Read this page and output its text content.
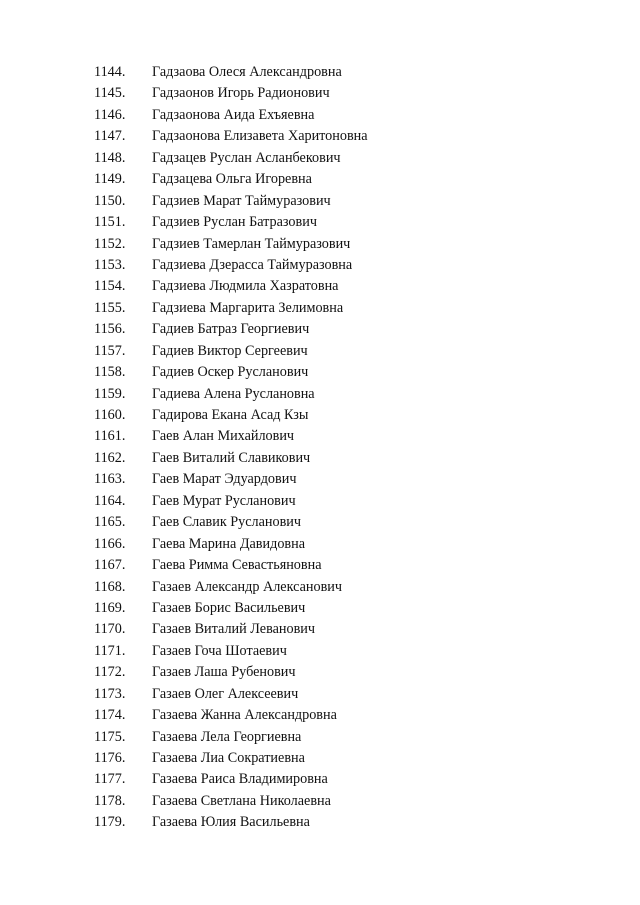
1144. Гадзаова Олеся Александровна
1145. Гадзаонов Игорь Радионович
1146. Гадзаонова Аида Ехъяевна
1147. Гадзаонова Елизавета Харитоновна
1148. Гадзацев Руслан Асланбекович
1149. Гадзацева Ольга Игоревна
1150. Гадзиев Марат Таймуразович
1151. Гадзиев Руслан Батразович
1152. Гадзиев Тамерлан Таймуразович
1153. Гадзиева Дзерасса Таймуразовна
1154. Гадзиева Людмила Хазратовна
1155. Гадзиева Маргарита Зелимовна
1156. Гадиев Батраз Георгиевич
1157. Гадиев Виктор Сергеевич
1158. Гадиев Оскер Русланович
1159. Гадиева Алена Руслановна
1160. Гадирова Екана Асад Кзы
1161. Гаев Алан Михайлович
1162. Гаев Виталий Славикович
1163. Гаев Марат Эдуардович
1164. Гаев Мурат Русланович
1165. Гаев Славик Русланович
1166. Гаева Марина Давидовна
1167. Гаева Римма Севастьяновна
1168. Газаев Александр Алексанович
1169. Газаев Борис Васильевич
1170. Газаев Виталий Леванович
1171. Газаев Гоча Шотаевич
1172. Газаев Лаша Рубенович
1173. Газаев Олег Алексеевич
1174. Газаева Жанна Александровна
1175. Газаева Лела Георгиевна
1176. Газаева Лиа Сократиевна
1177. Газаева Раиса Владимировна
1178. Газаева Светлана Николаевна
1179. Газаева Юлия Васильевна
